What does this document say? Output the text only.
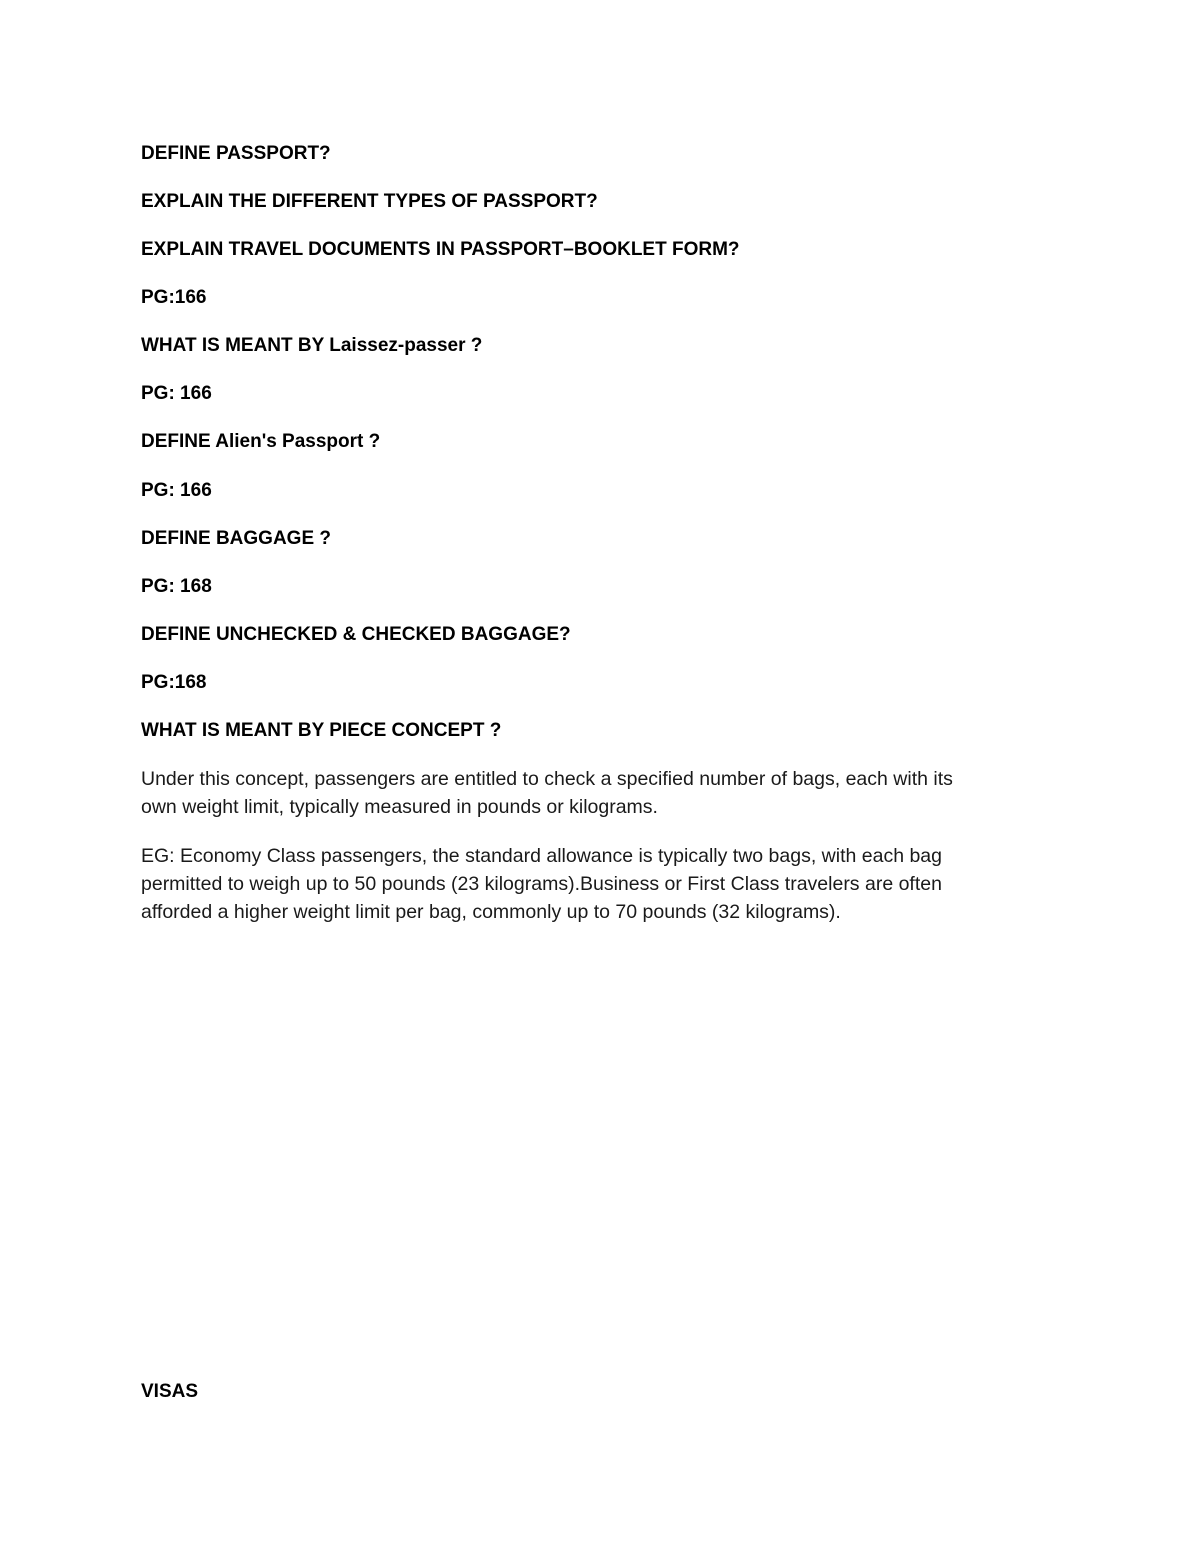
DEFINE PASSPORT?

EXPLAIN THE DIFFERENT TYPES OF PASSPORT?

EXPLAIN TRAVEL DOCUMENTS IN PASSPORT–BOOKLET FORM?

PG:166

WHAT IS MEANT BY Laissez-passer ?

PG: 166

DEFINE Alien's Passport ?

PG: 166

DEFINE BAGGAGE ?

PG: 168

DEFINE UNCHECKED & CHECKED BAGGAGE?

PG:168

WHAT IS MEANT BY PIECE CONCEPT ?

Under this concept, passengers are entitled to check a specified number of bags, each with its
own weight limit, typically measured in pounds or kilograms.
EG: Economy Class passengers, the standard allowance is typically two bags, with each bag
permitted to weigh up to 50 pounds (23 kilograms).Business or First Class travelers are often
afforded a higher weight limit per bag, commonly up to 70 pounds (32 kilograms).

VISAS
